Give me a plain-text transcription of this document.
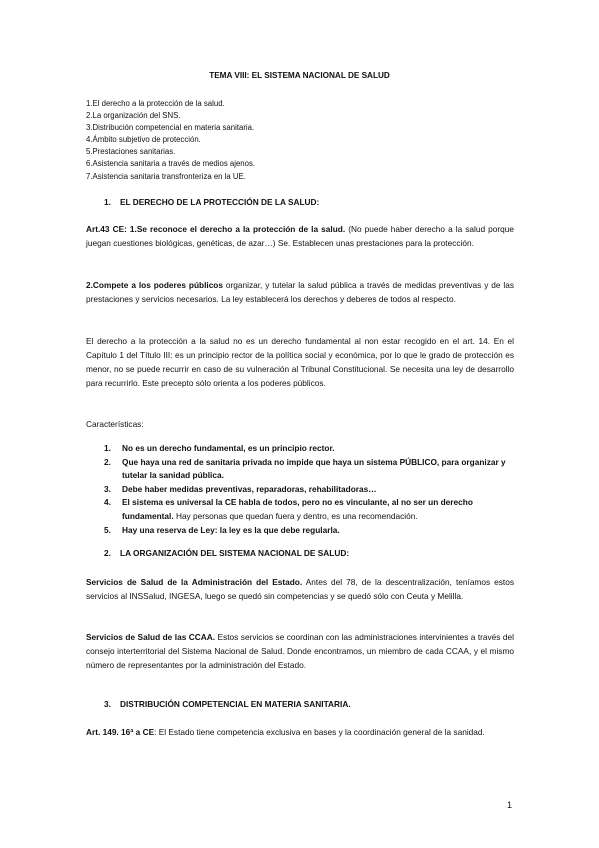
TEMA VIII: EL SISTEMA NACIONAL DE SALUD
1.El derecho a la protección de la salud.
2.La organización del SNS.
3.Distribución competencial en materia sanitaria.
4.Ámbito subjetivo de protección.
5.Prestaciones sanitarias.
6.Asistencia sanitaria a través de medios ajenos.
7.Asistencia sanitaria transfronteriza en la UE.
1. EL DERECHO DE LA PROTECCIÓN DE LA SALUD:
Art.43 CE: 1.Se reconoce el derecho a la protección de la salud. (No puede haber derecho a la salud porque juegan cuestiones biológicas, genéticas, de azar…) Se. Establecen unas prestaciones para la protección.
2.Compete a los poderes públicos organizar, y tutelar la salud pública a través de medidas preventivas y de las prestaciones y servicios necesarios. La ley establecerá los derechos y deberes de todos al respecto.
El derecho a la protección a la salud no es un derecho fundamental al non estar recogido en el art. 14. En el Capítulo 1 del Título III: es un principio rector de la política social y económica, por lo que le grado de protección es menor, no se puede recurrir en caso de su vulneración al Tribunal Constitucional. Se necesita una ley de desarrollo para recurrirlo. Este precepto sólo orienta a los poderes públicos.
Características:
1. No es un derecho fundamental, es un principio rector.
2. Que haya una red de sanitaria privada no impide que haya un sistema PÚBLICO, para organizar y tutelar la sanidad pública.
3. Debe haber medidas preventivas, reparadoras, rehabilitadoras…
4. El sistema es universal la CE habla de todos, pero no es vinculante, al no ser un derecho fundamental. Hay personas que quedan fuera y dentro, es una recomendación.
5. Hay una reserva de Ley: la ley es la que debe regularla.
2. LA ORGANIZACIÓN DEL SISTEMA NACIONAL DE SALUD:
Servicios de Salud de la Administración del Estado. Antes del 78, de la descentralización, teníamos estos servicios al INSSalud, INGESA, luego se quedó sin competencias y se quedó sólo con Ceuta y Melilla.
Servicios de Salud de las CCAA. Estos servicios se coordinan con las administraciones intervinientes a través del consejo interterritorial del Sistema Nacional de Salud. Donde encontramos, un miembro de cada CCAA, y el mismo número de representantes por la administración del Estado.
3. DISTRIBUCIÓN COMPETENCIAL EN MATERIA SANITARIA.
Art. 149. 16ª a CE: El Estado tiene competencia exclusiva en bases y la coordinación general de la sanidad.
1
